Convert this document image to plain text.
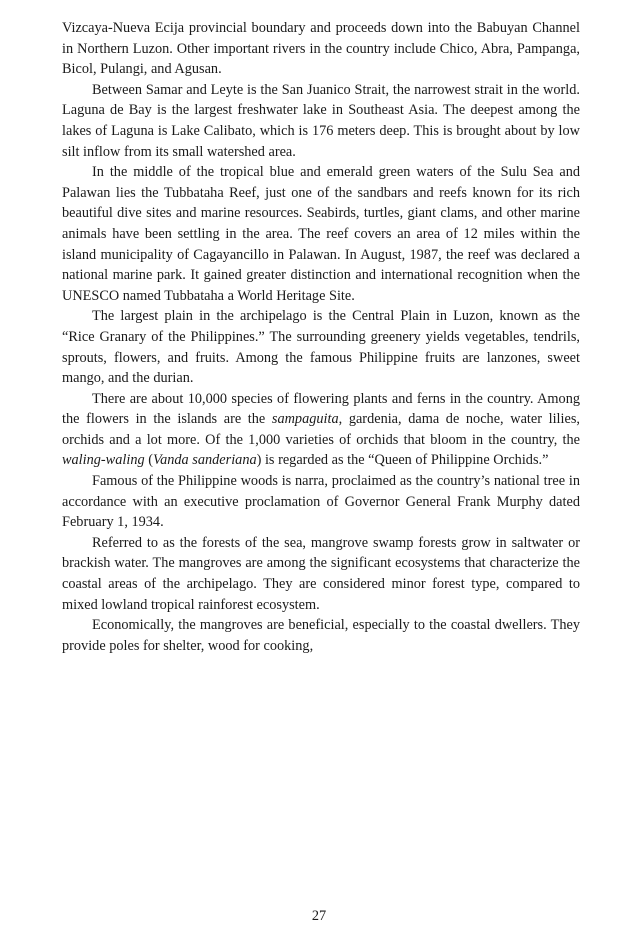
Vizcaya-Nueva Ecija provincial boundary and proceeds down into the Babuyan Channel in Northern Luzon. Other important rivers in the country include Chico, Abra, Pampanga, Bicol, Pulangi, and Agusan.

Between Samar and Leyte is the San Juanico Strait, the narrowest strait in the world. Laguna de Bay is the largest freshwater lake in Southeast Asia. The deepest among the lakes of Laguna is Lake Calibato, which is 176 meters deep. This is brought about by low silt inflow from its small watershed area.

In the middle of the tropical blue and emerald green waters of the Sulu Sea and Palawan lies the Tubbataha Reef, just one of the sandbars and reefs known for its rich beautiful dive sites and marine resources. Seabirds, turtles, giant clams, and other marine animals have been settling in the area. The reef covers an area of 12 miles within the island municipality of Cagayancillo in Palawan. In August, 1987, the reef was declared a national marine park. It gained greater distinction and international recognition when the UNESCO named Tubbataha a World Heritage Site.

The largest plain in the archipelago is the Central Plain in Luzon, known as the “Rice Granary of the Philippines.” The surrounding greenery yields vegetables, tendrils, sprouts, flowers, and fruits. Among the famous Philippine fruits are lanzones, sweet mango, and the durian.

There are about 10,000 species of flowering plants and ferns in the country. Among the flowers in the islands are the sampaguita, gardenia, dama de noche, water lilies, orchids and a lot more. Of the 1,000 varieties of orchids that bloom in the country, the waling-waling (Vanda sanderiana) is regarded as the “Queen of Philippine Orchids.”

Famous of the Philippine woods is narra, proclaimed as the country’s national tree in accordance with an executive proclamation of Governor General Frank Murphy dated February 1, 1934.

Referred to as the forests of the sea, mangrove swamp forests grow in saltwater or brackish water. The mangroves are among the significant ecosystems that characterize the coastal areas of the archipelago. They are considered minor forest type, compared to mixed lowland tropical rainforest ecosystem.

Economically, the mangroves are beneficial, especially to the coastal dwellers. They provide poles for shelter, wood for cooking,

27
